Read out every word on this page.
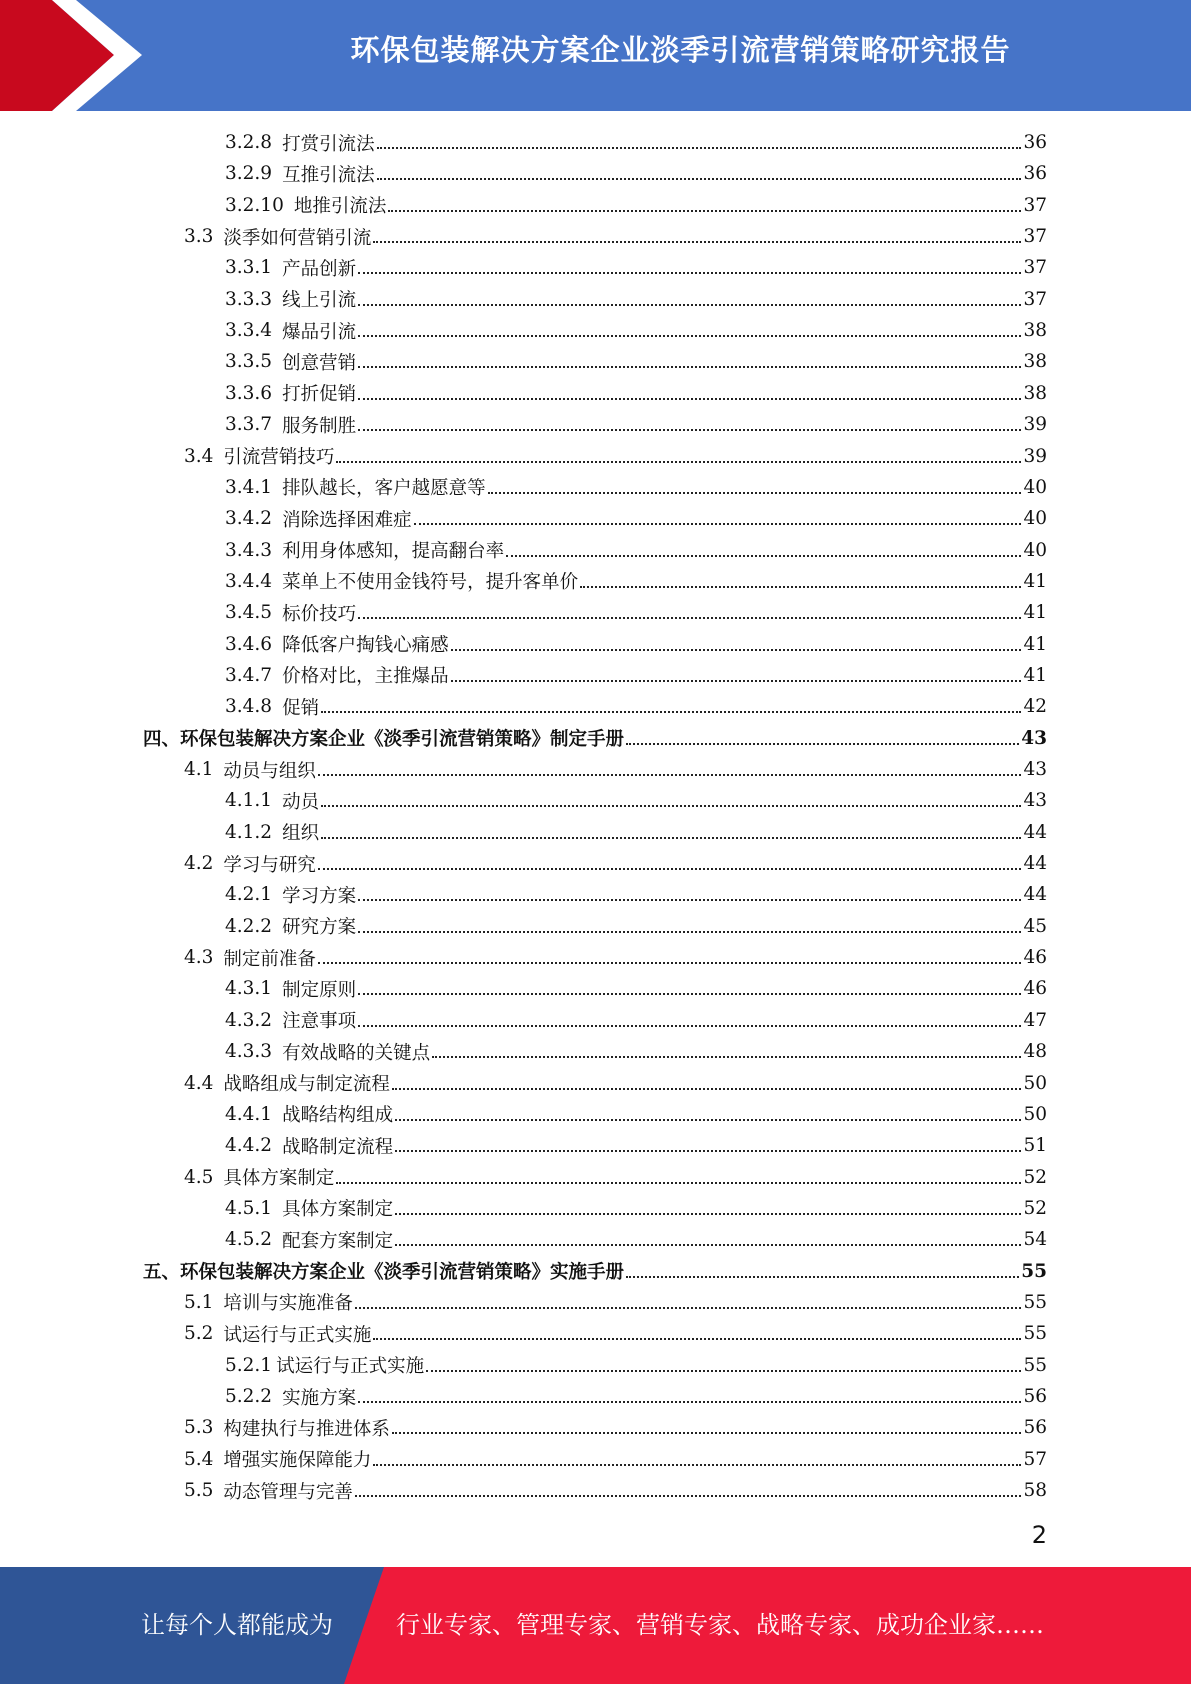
环保包装解决方案企业淡季引流营销策略研究报告
3.2.8 打赏引流法	36
3.2.9 互推引流法	36
3.2.10 地推引流法	37
3.3 淡季如何营销引流	37
3.3.1 产品创新	37
3.3.3 线上引流	37
3.3.4 爆品引流	38
3.3.5 创意营销	38
3.3.6 打折促销	38
3.3.7 服务制胜	39
3.4 引流营销技巧	39
3.4.1 排队越长，客户越愿意等	40
3.4.2 消除选择困难症	40
3.4.3 利用身体感知，提高翻台率	40
3.4.4 菜单上不使用金钱符号，提升客单价	41
3.4.5 标价技巧	41
3.4.6 降低客户掏钱心痛感	41
3.4.7 价格对比，主推爆品	41
3.4.8 促销	42
四、 环保包装解决方案企业《淡季引流营销策略》制定手册	43
4.1 动员与组织	43
4.1.1 动员	43
4.1.2 组织	44
4.2 学习与研究	44
4.2.1 学习方案	44
4.2.2 研究方案	45
4.3 制定前准备	46
4.3.1 制定原则	46
4.3.2 注意事项	47
4.3.3 有效战略的关键点	48
4.4 战略组成与制定流程	50
4.4.1 战略结构组成	50
4.4.2 战略制定流程	51
4.5 具体方案制定	52
4.5.1 具体方案制定	52
4.5.2 配套方案制定	54
五、 环保包装解决方案企业《淡季引流营销策略》实施手册	55
5.1 培训与实施准备	55
5.2 试运行与正式实施	55
5.2.1 试运行与正式实施	55
5.2.2 实施方案	56
5.3 构建执行与推进体系	56
5.4 增强实施保障能力	57
5.5 动态管理与完善	58
2
让每个人都能成为	行业专家、管理专家、营销专家、战略专家、成功企业家……
